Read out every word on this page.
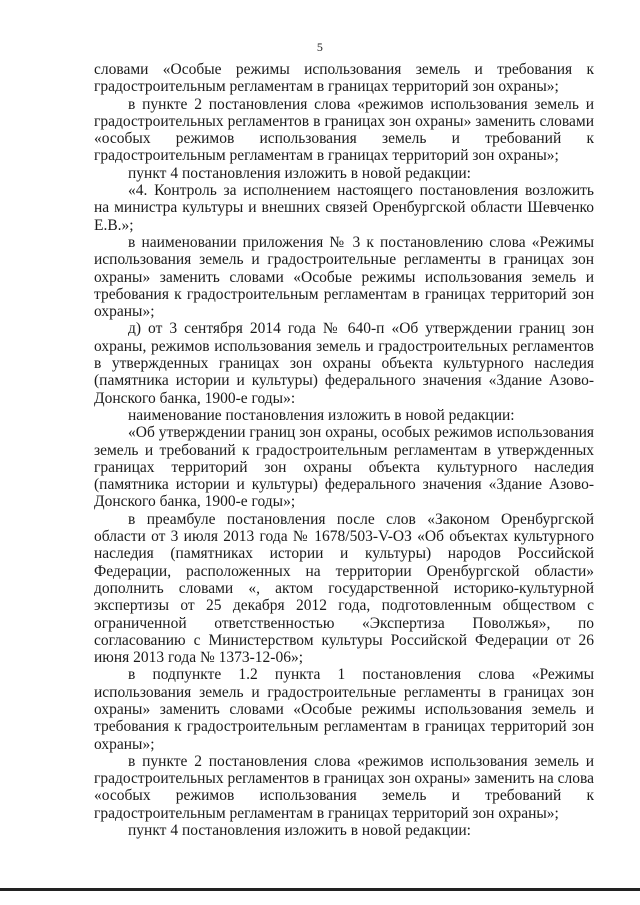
5

словами «Особые режимы использования земель и требования к градостроительным регламентам в границах территорий зон охраны»;

в пункте 2 постановления слова «режимов использования земель и градостроительных регламентов в границах зон охраны» заменить словами «особых режимов использования земель и требований к градостроительным регламентам в границах территорий зон охраны»;

пункт 4 постановления изложить в новой редакции:

«4. Контроль за исполнением настоящего постановления возложить на министра культуры и внешних связей Оренбургской области Шевченко Е.В.»;

в наименовании приложения № 3 к постановлению слова «Режимы использования земель и градостроительные регламенты в границах зон охраны» заменить словами «Особые режимы использования земель и требования к градостроительным регламентам в границах территорий зон охраны»;

д) от 3 сентября 2014 года № 640-п «Об утверждении границ зон охраны, режимов использования земель и градостроительных регламентов в утвержденных границах зон охраны объекта культурного наследия (памятника истории и культуры) федерального значения «Здание Азово-Донского банка, 1900-е годы»:

наименование постановления изложить в новой редакции:

«Об утверждении границ зон охраны, особых режимов использования земель и требований к градостроительным регламентам в утвержденных границах территорий зон охраны объекта культурного наследия (памятника истории и культуры) федерального значения «Здание Азово-Донского банка, 1900-е годы»;

в преамбуле постановления после слов «Законом Оренбургской области от 3 июля 2013 года № 1678/503-V-ОЗ «Об объектах культурного наследия (памятниках истории и культуры) народов Российской Федерации, расположенных на территории Оренбургской области» дополнить словами «, актом государственной историко-культурной экспертизы от 25 декабря 2012 года, подготовленным обществом с ограниченной ответственностью «Экспертиза Поволжья», по согласованию с Министерством культуры Российской Федерации от 26 июня 2013 года № 1373-12-06»;

в подпункте 1.2 пункта 1 постановления слова «Режимы использования земель и градостроительные регламенты в границах зон охраны» заменить словами «Особые режимы использования земель и требования к градостроительным регламентам в границах территорий зон охраны»;

в пункте 2 постановления слова «режимов использования земель и градостроительных регламентов в границах зон охраны» заменить на слова «особых режимов использования земель и требований к градостроительным регламентам в границах территорий зон охраны»;

пункт 4 постановления изложить в новой редакции:
